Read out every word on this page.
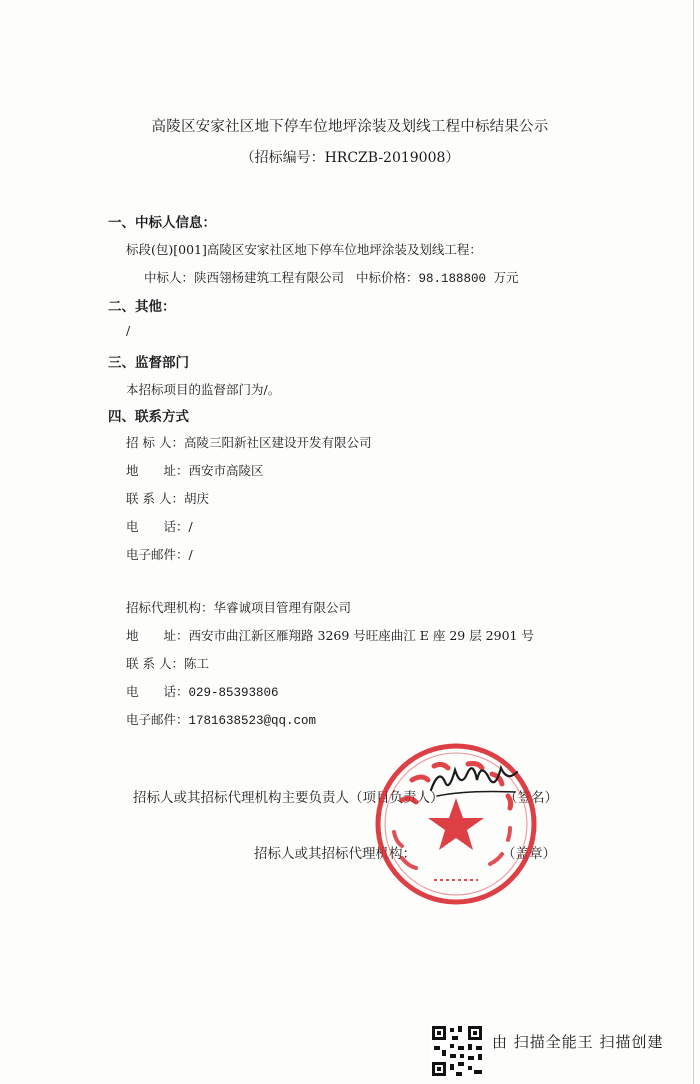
高陵区安家社区地下停车位地坪涂装及划线工程中标结果公示
（招标编号：HRCZB-2019008）
一、中标人信息：
标段(包)[001]高陵区安家社区地下停车位地坪涂装及划线工程：
中标人：陕西翎杨建筑工程有限公司 中标价格：98.188800 万元
二、其他：
/
三、监督部门
本招标项目的监督部门为/。
四、联系方式
招 标 人：高陵三阳新社区建设开发有限公司
地　　址：西安市高陵区
联 系 人：胡庆
电　　话：/
电子邮件：/
招标代理机构：华睿诚项目管理有限公司
地　　址：西安市曲江新区雁翔路 3269 号旺座曲江 E 座 29 层 2901 号
联 系 人：陈工
电　　话：029-85393806
电子邮件：1781638523@qq.com
招标人或其招标代理机构主要负责人（项目负责人）	（签名）
招标人或其招标代理机构：	（盖章）
由 扫描全能王 扫描创建
